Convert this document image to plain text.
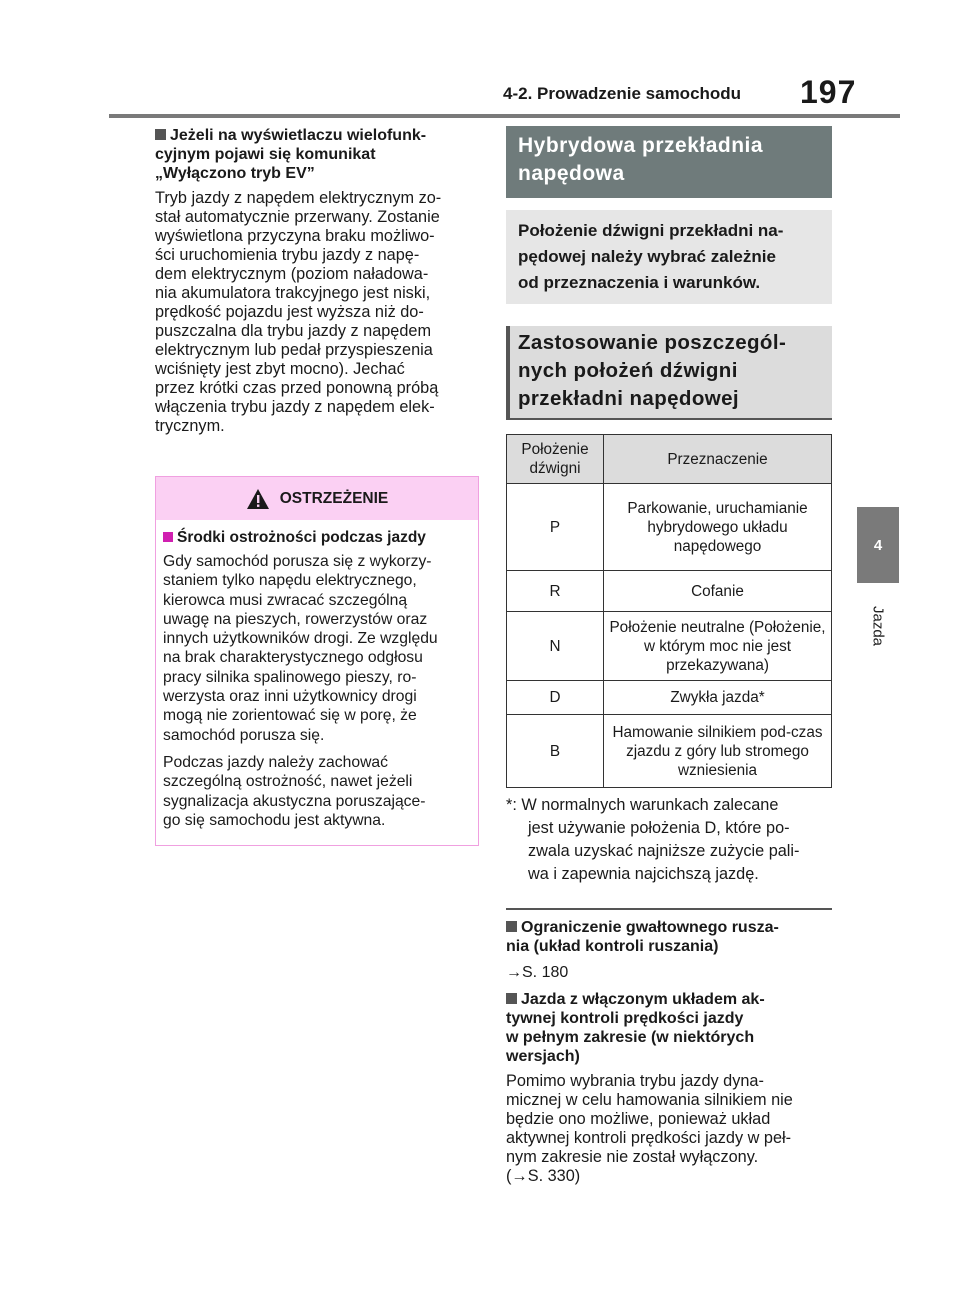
4-2. Prowadzenie samochodu 197
4
Jazda
Jeżeli na wyświetlaczu wielofunk-
cyjnym pojawi się komunikat
„Wyłączono tryb EV”
Tryb jazdy z napędem elektrycznym zo-
stał automatycznie przerwany. Zostanie
wyświetlona przyczyna braku możliwo-
ści uruchomienia trybu jazdy z napę-
dem elektrycznym (poziom naładowa-
nia akumulatora trakcyjnego jest niski,
prędkość pojazdu jest wyższa niż do-
puszczalna dla trybu jazdy z napędem
elektrycznym lub pedał przyspieszenia
wciśnięty jest zbyt mocno). Jechać
przez krótki czas przed ponowną próbą
włączenia trybu jazdy z napędem elek-
trycznym.
OSTRZEŻENIE
Środki ostrożności podczas jazdy
Gdy samochód porusza się z wykorzy-
staniem tylko napędu elektrycznego,
kierowca musi zwracać szczególną
uwagę na pieszych, rowerzystów oraz
innych użytkowników drogi. Ze względu
na brak charakterystycznego odgłosu
pracy silnika spalinowego pieszy, ro-
werzysta oraz inni użytkownicy drogi
mogą nie zorientować się w porę, że
samochód porusza się.
Podczas jazdy należy zachować
szczególną ostrożność, nawet jeżeli
sygnalizacja akustyczna poruszające-
go się samochodu jest aktywna.
Hybrydowa przekładnia
napędowa
Położenie dźwigni przekładni na-
pędowej należy wybrać zależnie
od przeznaczenia i warunków.
Zastosowanie poszczegól-
nych położeń dźwigni
przekładni napędowej
Położenie dźwigni	Przeznaczenie
P	Parkowanie, uruchamianie hybrydowego układu napędowego
R	Cofanie
N	Położenie neutralne (Położenie, w którym moc nie jest przekazywana)
D	Zwykła jazda*
B	Hamowanie silnikiem pod-czas zjazdu z góry lub stromego wzniesienia
*: W normalnych warunkach zalecane
jest używanie położenia D, które po-
zwala uzyskać najniższe zużycie pali-
wa i zapewnia najcichszą jazdę.
Ograniczenie gwałtownego rusza-
nia (układ kontroli ruszania)
→S. 180
Jazda z włączonym układem ak-
tywnej kontroli prędkości jazdy
w pełnym zakresie (w niektórych
wersjach)
Pomimo wybrania trybu jazdy dyna-
micznej w celu hamowania silnikiem nie
będzie ono możliwe, ponieważ układ
aktywnej kontroli prędkości jazdy w peł-
nym zakresie nie został wyłączony.
(→S. 330)
